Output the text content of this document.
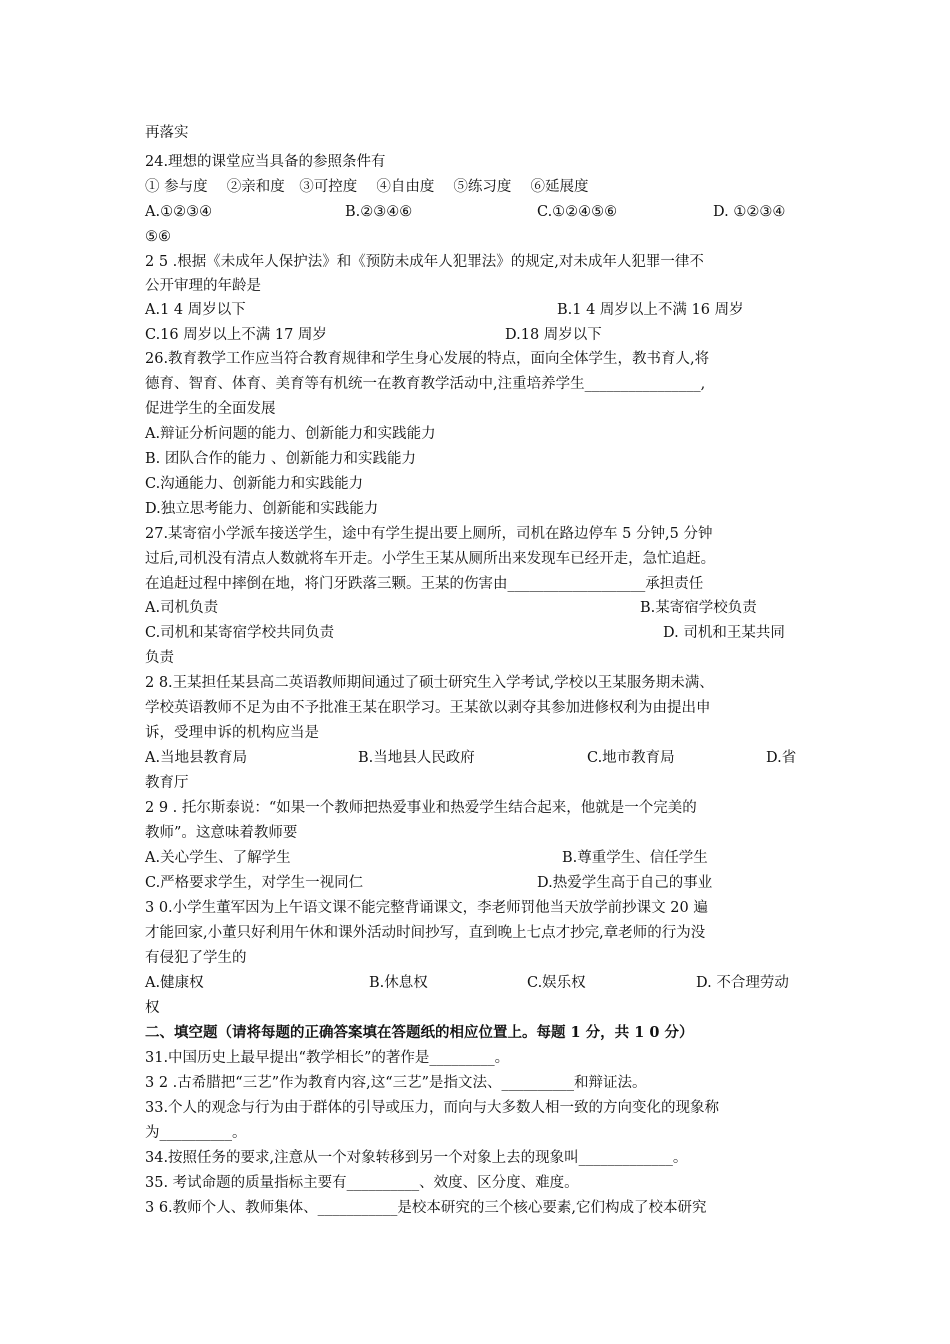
再落实
24.理想的课堂应当具备的参照条件有
① 参与度　 ②亲和度　③可控度　 ④自由度　 ⑤练习度　 ⑥延展度
A.①②③④	B.②③④⑥	C.①②④⑤⑥	D. ①②③④
⑤⑥
2 5 .根据《未成年人保护法》和《预防未成年人犯罪法》的规定,对未成年人犯罪一律不
公开审理的年龄是
A.1 4 周岁以下	B.1 4 周岁以上不满 16 周岁
C.16 周岁以上不满 17 周岁	D.18 周岁以下
26.教育教学工作应当符合教育规律和学生身心发展的特点，面向全体学生，教书育人,将
德育、智育、体育、美育等有机统一在教育教学活动中,注重培养学生________________,
促进学生的全面发展
A.辩证分析问题的能力、创新能力和实践能力
B. 团队合作的能力 、创新能力和实践能力
C.沟通能力、创新能力和实践能力
D.独立思考能力、创新能和实践能力
27.某寄宿小学派车接送学生，途中有学生提出要上厕所，司机在路边停车 5 分钟,5 分钟
过后,司机没有清点人数就将车开走。小学生王某从厕所出来发现车已经开走，急忙追赶。
在追赶过程中摔倒在地，将门牙跌落三颗。王某的伤害由___________________承担责任
A.司机负责	B.某寄宿学校负责
C.司机和某寄宿学校共同负责	D. 司机和王某共同
负责
2 8.王某担任某县高二英语教师期间通过了硕士研究生入学考试,学校以王某服务期未满、
学校英语教师不足为由不予批准王某在职学习。王某欲以剥夺其参加进修权利为由提出申
诉，受理申诉的机构应当是
A.当地县教育局	B.当地县人民政府	C.地市教育局	D.省
教育厅
2 9 . 托尔斯泰说：“如果一个教师把热爱事业和热爱学生结合起来，他就是一个完美的
教师”。这意味着教师要
A.关心学生、了解学生	B.尊重学生、信任学生
C.严格要求学生，对学生一视同仁	D.热爱学生高于自己的事业
3 0.小学生董军因为上午语文课不能完整背诵课文，李老师罚他当天放学前抄课文 20 遍
才能回家,小董只好利用午休和课外活动时间抄写，直到晚上七点才抄完,章老师的行为没
有侵犯了学生的
A.健康权	B.休息权	C.娱乐权	D. 不合理劳动
权
二、填空题（请将每题的正确答案填在答题纸的相应位置上。每题 1 分，共 1 0 分）
31.中国历史上最早提出“教学相长”的著作是_________。
3 2 .古希腊把“三艺”作为教育内容,这“三艺”是指文法、__________和辩证法。
33.个人的观念与行为由于群体的引导或压力，而向与大多数人相一致的方向变化的现象称
为__________。
34.按照任务的要求,注意从一个对象转移到另一个对象上去的现象叫_____________。
35. 考试命题的质量指标主要有__________、效度、区分度、难度。
3 6.教师个人、教师集体、___________是校本研究的三个核心要素,它们构成了校本研究
